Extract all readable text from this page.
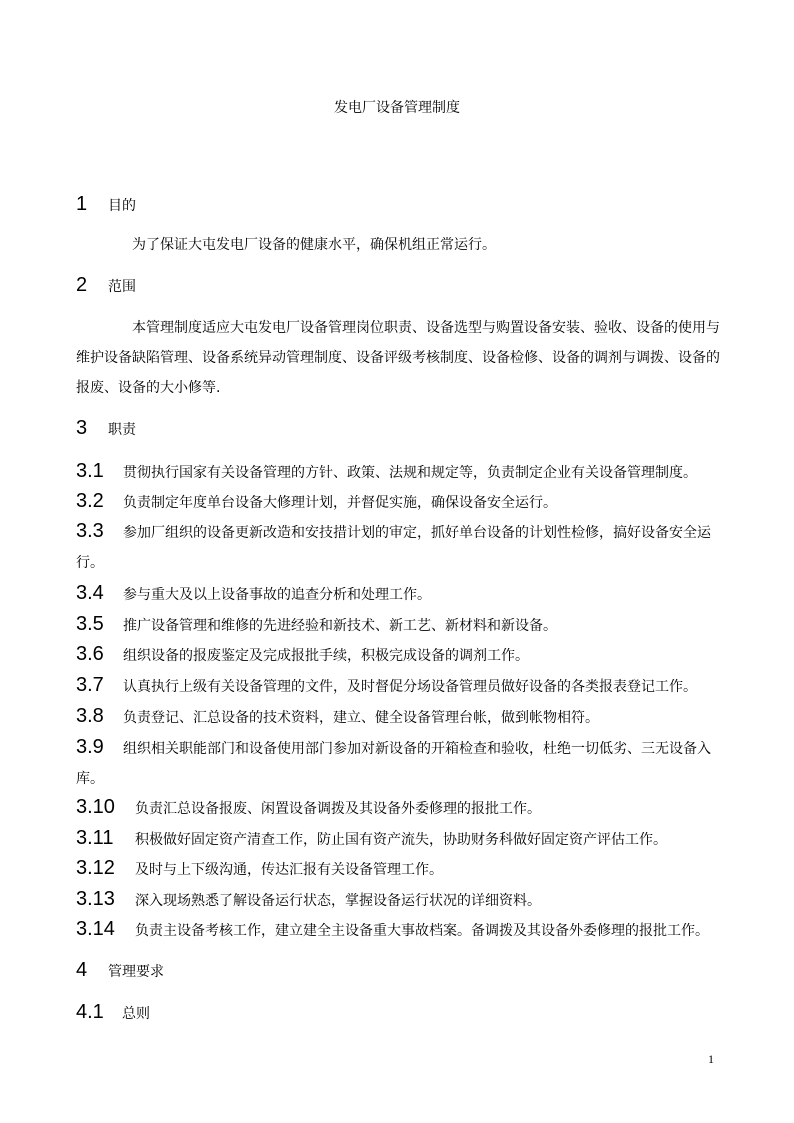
发电厂设备管理制度
1 目的
为了保证大屯发电厂设备的健康水平，确保机组正常运行。
2 范围
本管理制度适应大屯发电厂设备管理岗位职责、设备选型与购置设备安装、验收、设备的使用与维护设备缺陷管理、设备系统异动管理制度、设备评级考核制度、设备检修、设备的调剂与调拨、设备的报废、设备的大小修等.
3 职责
3.1 贯彻执行国家有关设备管理的方针、政策、法规和规定等，负责制定企业有关设备管理制度。
3.2 负责制定年度单台设备大修理计划，并督促实施，确保设备安全运行。
3.3 参加厂组织的设备更新改造和安技措计划的审定，抓好单台设备的计划性检修，搞好设备安全运行。
3.4 参与重大及以上设备事故的追查分析和处理工作。
3.5 推广设备管理和维修的先进经验和新技术、新工艺、新材料和新设备。
3.6 组织设备的报废鉴定及完成报批手续，积极完成设备的调剂工作。
3.7 认真执行上级有关设备管理的文件，及时督促分场设备管理员做好设备的各类报表登记工作。
3.8 负责登记、汇总设备的技术资料，建立、健全设备管理台帐，做到帐物相符。
3.9 组织相关职能部门和设备使用部门参加对新设备的开箱检查和验收，杜绝一切低劣、三无设备入库。
3.10 负责汇总设备报废、闲置设备调拨及其设备外委修理的报批工作。
3.11 积极做好固定资产清查工作，防止国有资产流失，协助财务科做好固定资产评估工作。
3.12 及时与上下级沟通，传达汇报有关设备管理工作。
3.13 深入现场熟悉了解设备运行状态，掌握设备运行状况的详细资料。
3.14 负责主设备考核工作，建立建全主设备重大事故档案。备调拨及其设备外委修理的报批工作。
4 管理要求
4.1 总则
1
